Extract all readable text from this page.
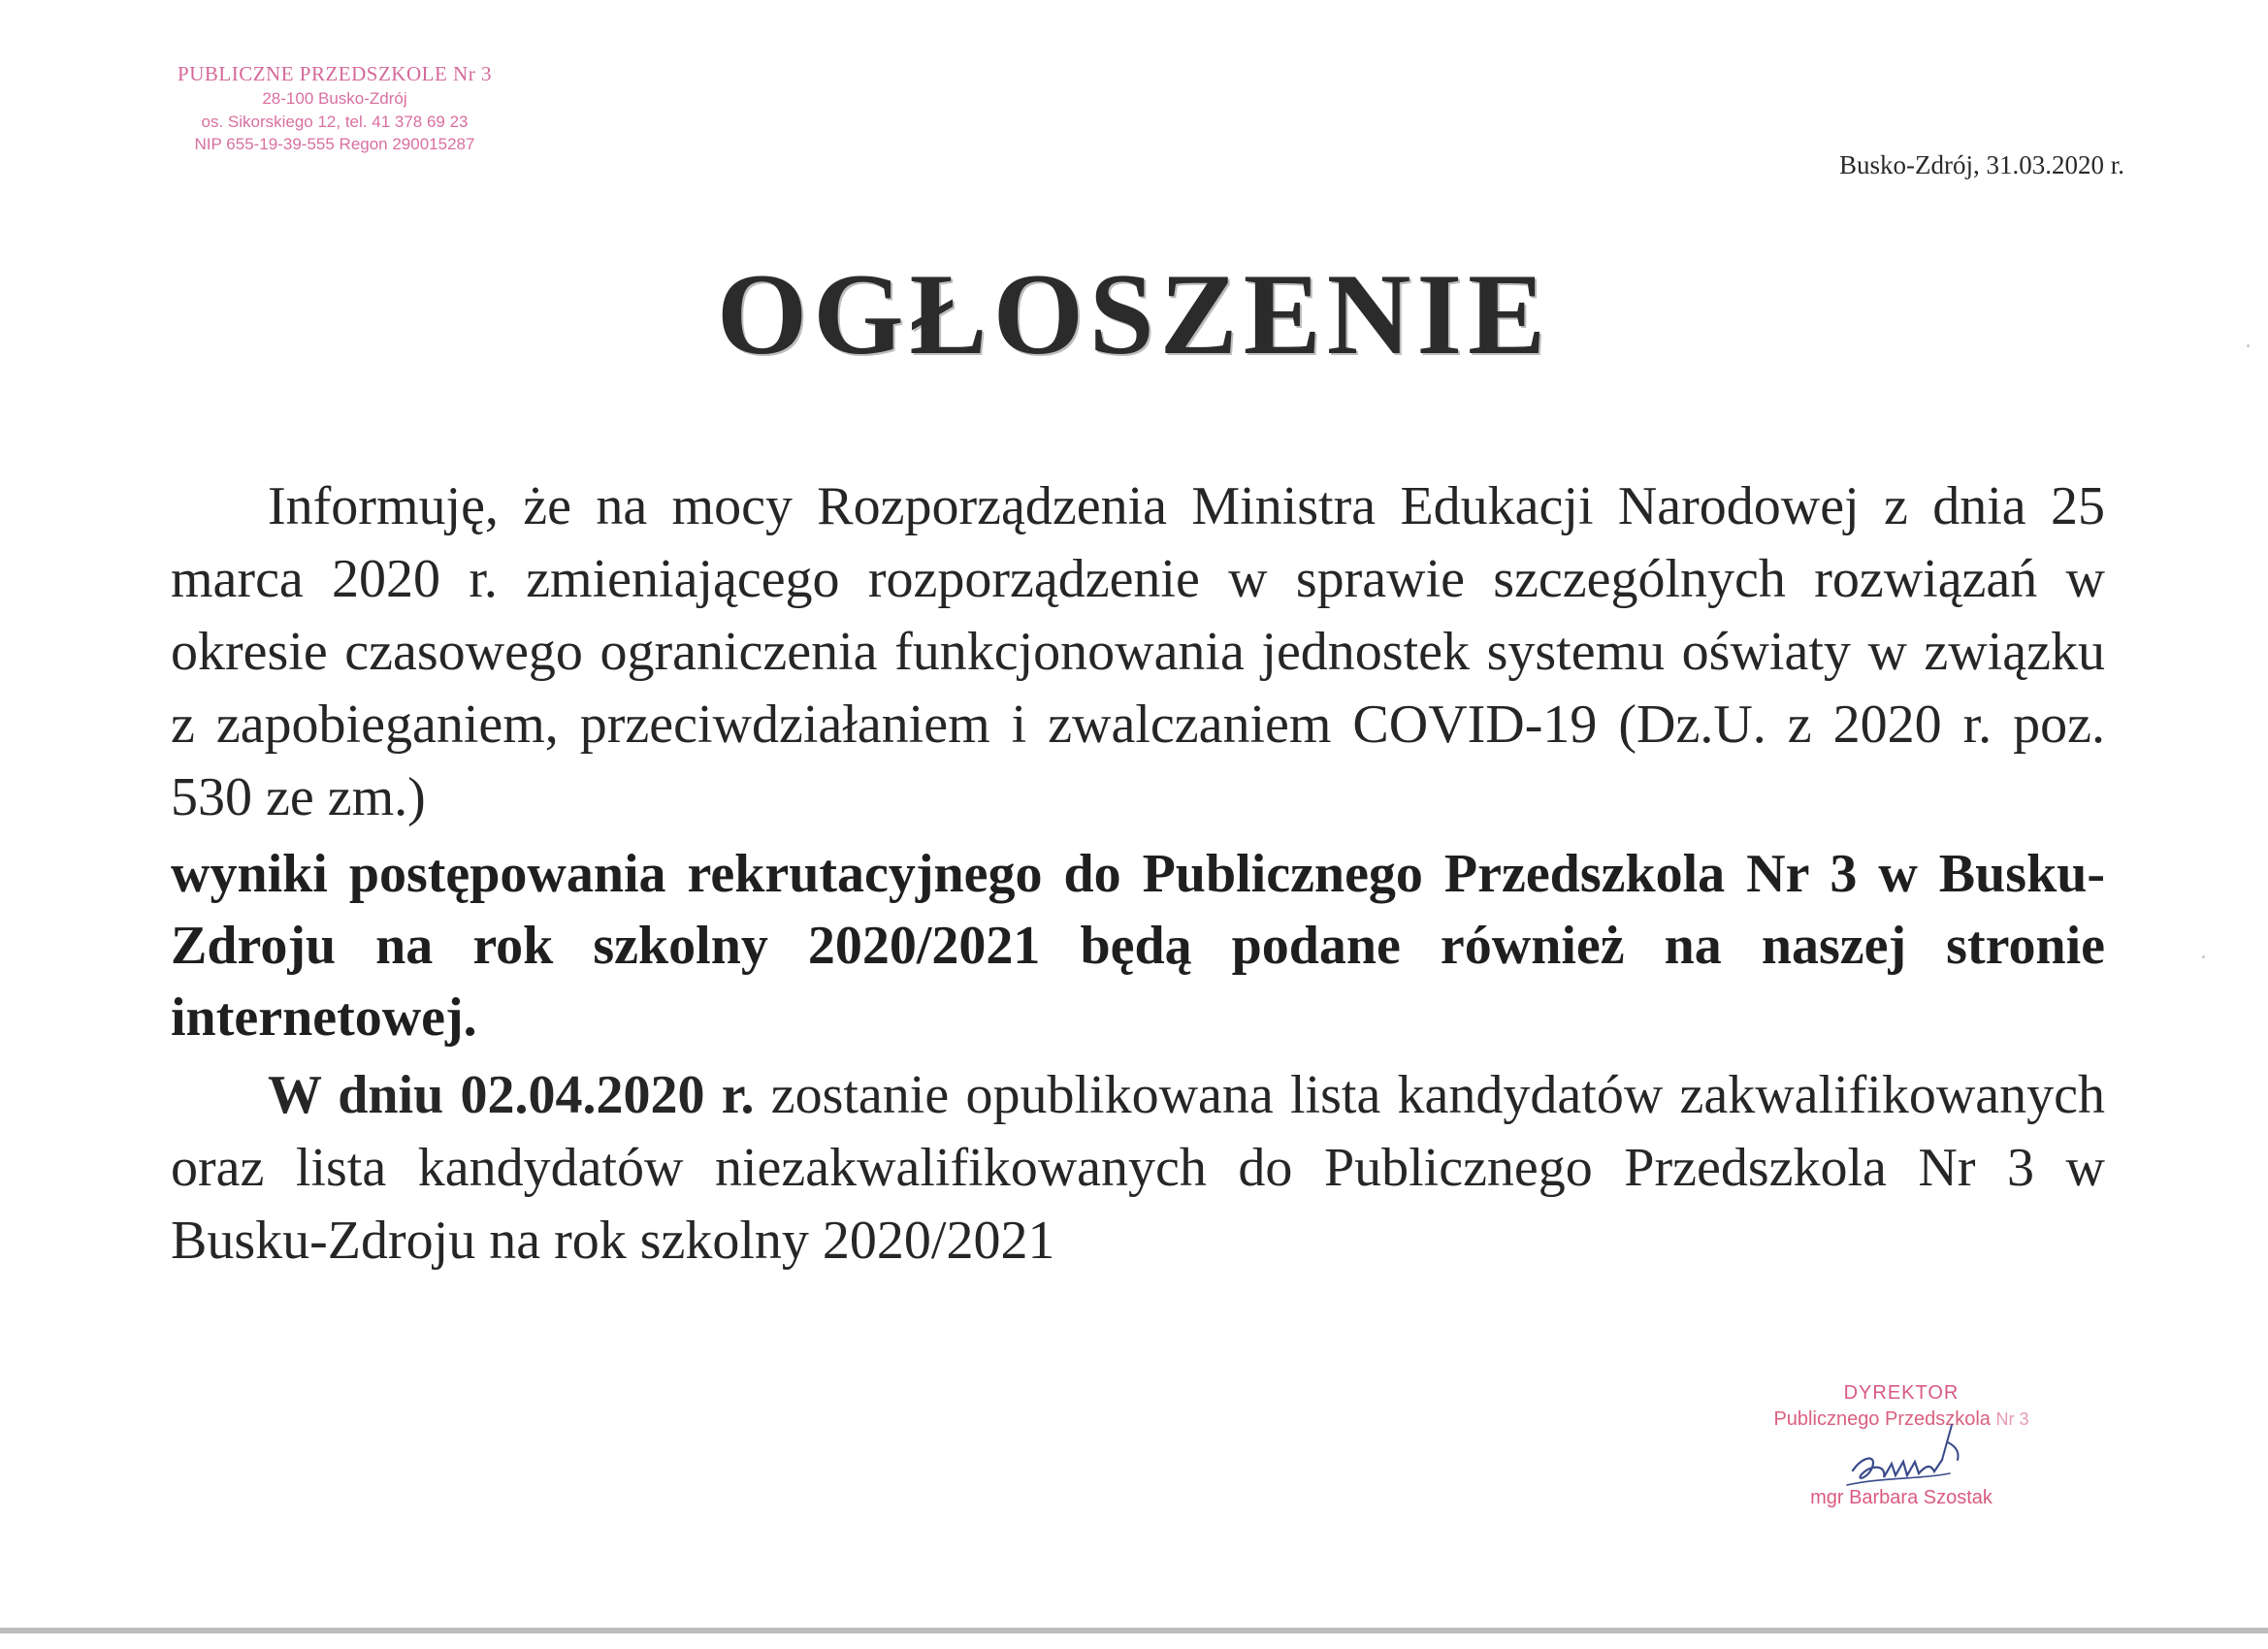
PUBLICZNE PRZEDSZKOLE Nr 3
28-100 Busko-Zdrój
os. Sikorskiego 12, tel. 41 378 69 23
NIP 655-19-39-555 Regon 290015287
Busko-Zdrój, 31.03.2020 r.
OGŁOSZENIE

Informuję, że na mocy Rozporządzenia Ministra Edukacji Narodowej z dnia 25 marca 2020 r. zmieniającego rozporządzenie w sprawie szczególnych rozwiązań w okresie czasowego ograniczenia funkcjonowania jednostek systemu oświaty w związku z zapobieganiem, przeciwdziałaniem i zwalczaniem COVID-19 (Dz.U. z 2020 r. poz. 530 ze zm.)

wyniki postępowania rekrutacyjnego do Publicznego Przedszkola Nr 3 w Busku-Zdroju na rok szkolny 2020/2021 będą podane również na naszej stronie internetowej.

W dniu 02.04.2020 r. zostanie opublikowana lista kandydatów zakwalifikowanych oraz lista kandydatów niezakwalifikowanych do Publicznego Przedszkola Nr 3 w Busku-Zdroju na rok szkolny 2020/2021

DYREKTOR
Publicznego Przedszkola Nr 3
mgr Barbara Szostak
